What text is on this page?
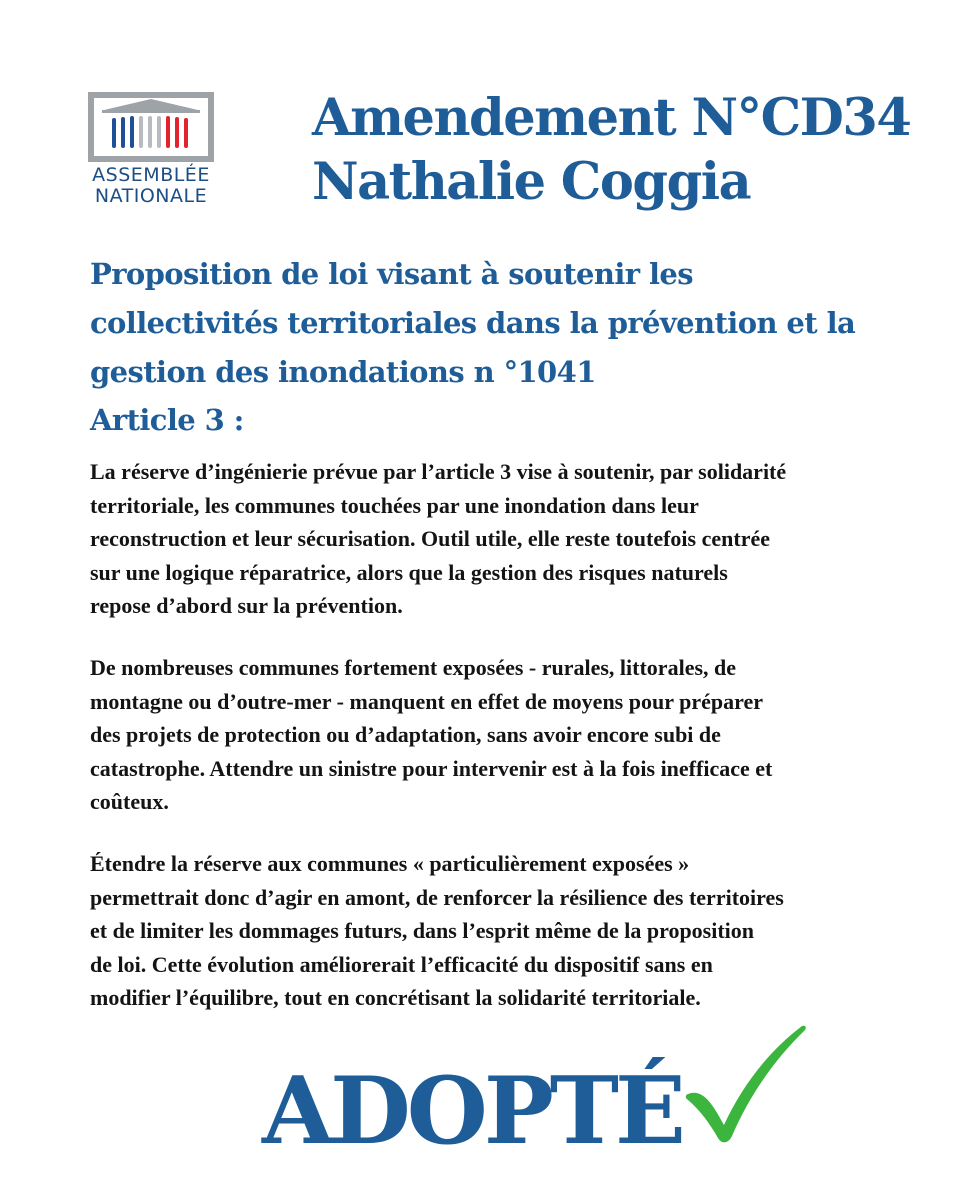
ASSEMBLÉE
NATIONALE
Amendement N°CD34
Nathalie Coggia
Proposition de loi visant à soutenir les
collectivités territoriales dans la prévention et la
gestion des inondations n °1041
Article 3 :
La réserve d’ingénierie prévue par l’article 3 vise à soutenir, par solidarité
territoriale, les communes touchées par une inondation dans leur
reconstruction et leur sécurisation. Outil utile, elle reste toutefois centrée
sur une logique réparatrice, alors que la gestion des risques naturels
repose d’abord sur la prévention.
De nombreuses communes fortement exposées - rurales, littorales, de
montagne ou d’outre-mer - manquent en effet de moyens pour préparer
des projets de protection ou d’adaptation, sans avoir encore subi de
catastrophe. Attendre un sinistre pour intervenir est à la fois inefficace et
coûteux.
Étendre la réserve aux communes « particulièrement exposées »
permettrait donc d’agir en amont, de renforcer la résilience des territoires
et de limiter les dommages futurs, dans l’esprit même de la proposition
de loi. Cette évolution améliorerait l’efficacité du dispositif sans en
modifier l’équilibre, tout en concrétisant la solidarité territoriale.
ADOPTÉ
